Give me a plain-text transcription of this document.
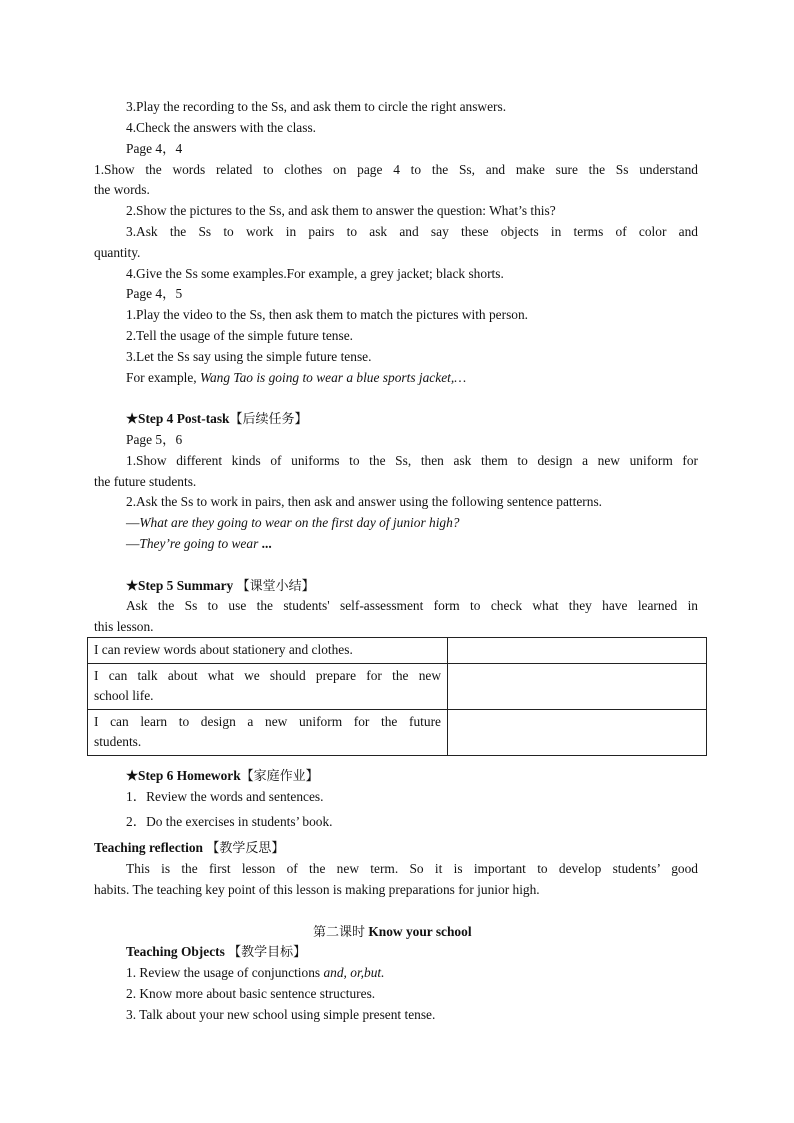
3.Play the recording to the Ss, and ask them to circle the right answers.
4.Check the answers with the class.
Page 4，4
1.Show the words related to clothes on page 4 to the Ss, and make sure the Ss understand
the words.
2.Show the pictures to the Ss, and ask them to answer the question: What’s this?
3.Ask the Ss to work in pairs to ask and say these objects in terms of color and
quantity.
4.Give the Ss some examples.For example, a grey jacket; black shorts.
Page 4，5
1.Play the video to the Ss, then ask them to match the pictures with person.
2.Tell the usage of the simple future tense.
3.Let the Ss say using the simple future tense.
For example, Wang Tao is going to wear a blue sports jacket,…
★Step 4 Post-task【后续任务】
Page 5，6
1.Show different kinds of uniforms to the Ss, then ask them to design a new uniform for
the future students.
2.Ask the Ss to work in pairs, then ask and answer using the following sentence patterns.
—What are they going to wear on the first day of junior high?
—They’re going to wear ...
★Step 5 Summary 【课堂小结】
Ask the Ss to use the students' self-assessment form to check what they have learned in
this lesson.
I can review words about stationery and clothes.	

I can talk about what we should prepare for the new
school life.	

I can learn to design a new uniform for the future
students.	

★Step 6 Homework【家庭作业】
1．Review the words and sentences.
2．Do the exercises in students’ book.
Teaching reflection 【教学反思】
This is the first lesson of the new term. So it is important to develop students’ good
habits. The teaching key point of this lesson is making preparations for junior high.
第二课时 Know your school
Teaching Objects 【教学目标】
1. Review the usage of conjunctions and, or,but.
2. Know more about basic sentence structures.
3. Talk about your new school using simple present tense.
